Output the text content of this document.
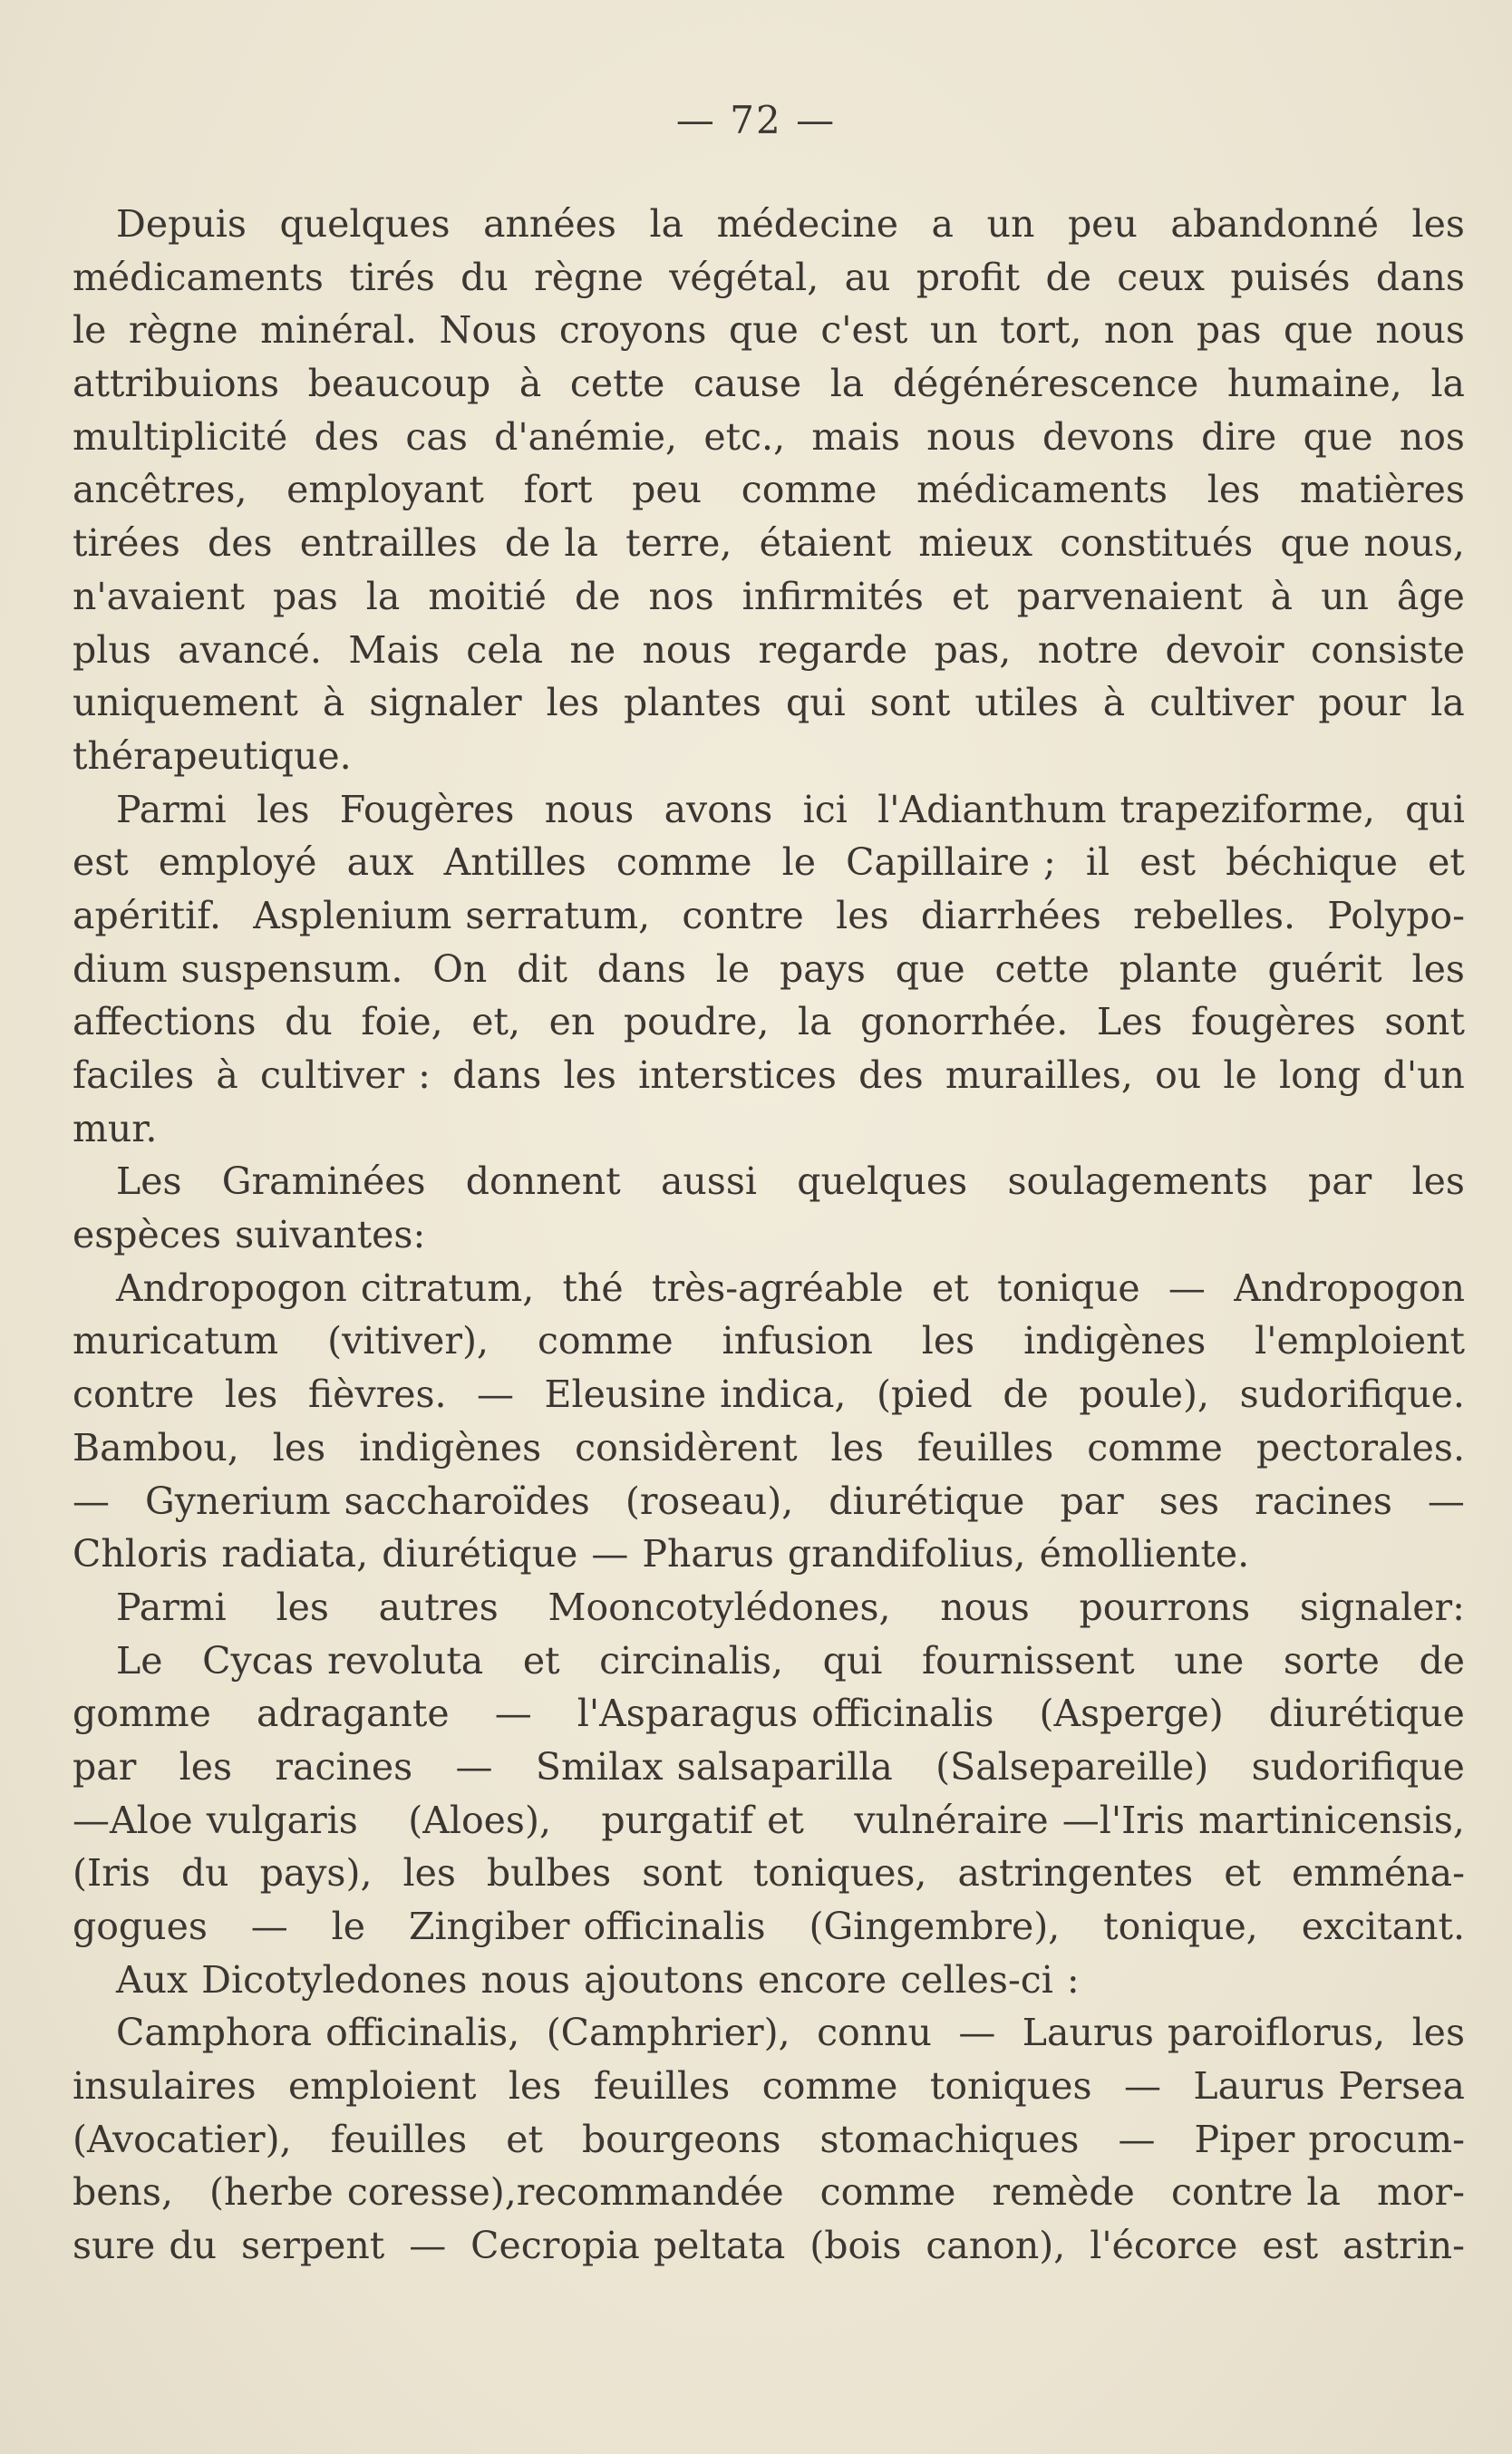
— 72 —
Depuis quelques années la médecine a un peu abandonné les
médicaments tirés du règne végétal, au profit de ceux puisés dans
le règne minéral. Nous croyons que c'est un tort, non pas que nous
attribuions beaucoup à cette cause la dégénérescence humaine, la
multiplicité des cas d'anémie, etc., mais nous devons dire que nos
ancêtres, employant fort peu comme médicaments les matières
tirées des entrailles de la terre, étaient mieux constitués que nous,
n'avaient pas la moitié de nos infirmités et parvenaient à un âge
plus avancé. Mais cela ne nous regarde pas, notre devoir consiste
uniquement à signaler les plantes qui sont utiles à cultiver pour la
thérapeutique.
Parmi les Fougères nous avons ici l'Adianthum trapeziforme, qui
est employé aux Antilles comme le Capillaire ; il est béchique et
apéritif. Asplenium serratum, contre les diarrhées rebelles. Polypo-
dium suspensum. On dit dans le pays que cette plante guérit les
affections du foie, et, en poudre, la gonorrhée. Les fougères sont
faciles à cultiver : dans les interstices des murailles, ou le long d'un
mur.
Les Graminées donnent aussi quelques soulagements par les
espèces suivantes:
Andropogon citratum, thé très-agréable et tonique — Andropogon
muricatum (vitiver), comme infusion les indigènes l'emploient
contre les fièvres. — Eleusine indica, (pied de poule), sudorifique.
Bambou, les indigènes considèrent les feuilles comme pectorales.
— Gynerium saccharoïdes (roseau), diurétique par ses racines —
Chloris radiata, diurétique — Pharus grandifolius, émolliente.
Parmi les autres Mooncotylédones, nous pourrons signaler:
Le Cycas revoluta et circinalis, qui fournissent une sorte de
gomme adragante — l'Asparagus officinalis (Asperge) diurétique
par les racines — Smilax salsaparilla (Salsepareille) sudorifique
—Aloe vulgaris (Aloes), purgatif et vulnéraire —l'Iris martinicensis,
(Iris du pays), les bulbes sont toniques, astringentes et emména-
gogues — le Zingiber officinalis (Gingembre), tonique, excitant.
Aux Dicotyledones nous ajoutons encore celles-ci :
Camphora officinalis, (Camphrier), connu — Laurus paroiflorus, les
insulaires emploient les feuilles comme toniques — Laurus Persea
(Avocatier), feuilles et bourgeons stomachiques — Piper procum-
bens, (herbe coresse),recommandée comme remède contre la mor-
sure du serpent — Cecropia peltata (bois canon), l'écorce est astrin-
